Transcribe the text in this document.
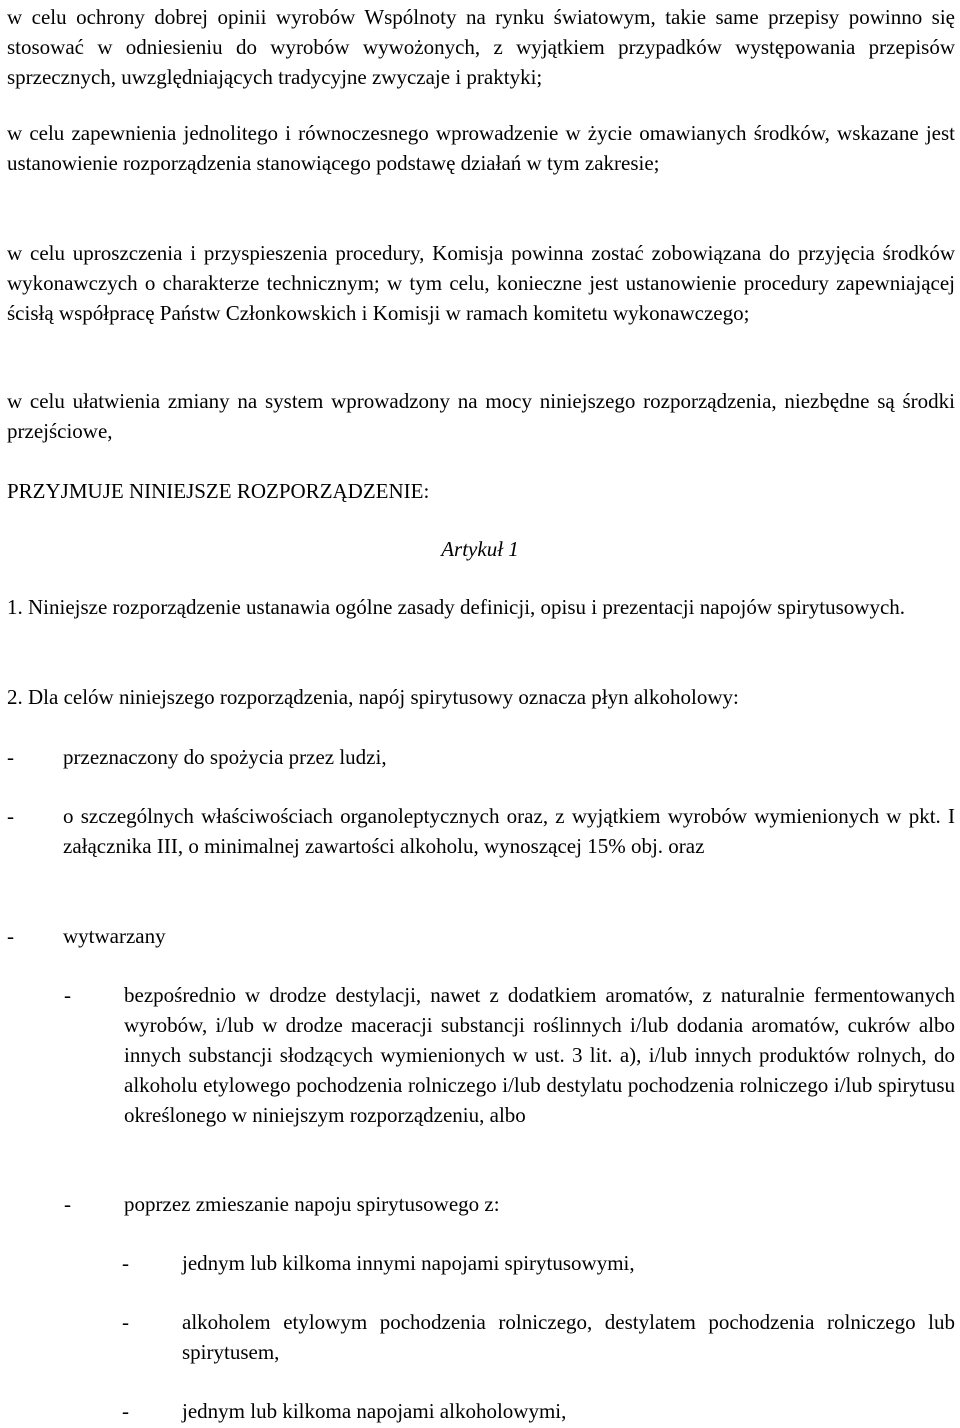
w celu ochrony dobrej opinii wyrobów Wspólnoty na rynku światowym, takie same przepisy powinno się stosować w odniesieniu do wyrobów wywożonych, z wyjątkiem przypadków występowania przepisów sprzecznych, uwzględniających tradycyjne zwyczaje i praktyki;

w celu zapewnienia jednolitego i równoczesnego wprowadzenie w życie omawianych środków, wskazane jest ustanowienie rozporządzenia stanowiącego podstawę działań w tym zakresie;

w celu uproszczenia i przyspieszenia procedury, Komisja powinna zostać zobowiązana do przyjęcia środków wykonawczych o charakterze technicznym; w tym celu, konieczne jest ustanowienie procedury zapewniającej ścisłą współpracę Państw Członkowskich i Komisji w ramach komitetu wykonawczego;

w celu ułatwienia zmiany na system wprowadzony na mocy niniejszego rozporządzenia, niezbędne są środki przejściowe,

PRZYJMUJE NINIEJSZE ROZPORZĄDZENIE:

Artykuł 1

1. Niniejsze rozporządzenie ustanawia ogólne zasady definicji, opisu i prezentacji napojów spirytusowych.

2. Dla celów niniejszego rozporządzenia, napój spirytusowy oznacza płyn alkoholowy:

- przeznaczony do spożycia przez ludzi,
- o szczególnych właściwościach organoleptycznych oraz, z wyjątkiem wyrobów wymienionych w pkt. I załącznika III, o minimalnej zawartości alkoholu, wynoszącej 15% obj. oraz
- wytwarzany
-	bezpośrednio w drodze destylacji, nawet z dodatkiem aromatów, z naturalnie fermentowanych wyrobów, i/lub w drodze maceracji substancji roślinnych i/lub dodania aromatów, cukrów albo innych substancji słodzących wymienionych w ust. 3 lit. a), i/lub innych produktów rolnych, do alkoholu etylowego pochodzenia rolniczego i/lub destylatu pochodzenia rolniczego i/lub spirytusu określonego w niniejszym rozporządzeniu, albo
-	poprzez zmieszanie napoju spirytusowego z:
-	jednym lub kilkoma innymi napojami spirytusowymi,
-	alkoholem etylowym pochodzenia rolniczego, destylatem pochodzenia rolniczego lub spirytusem,
-	jednym lub kilkoma napojami alkoholowymi,
